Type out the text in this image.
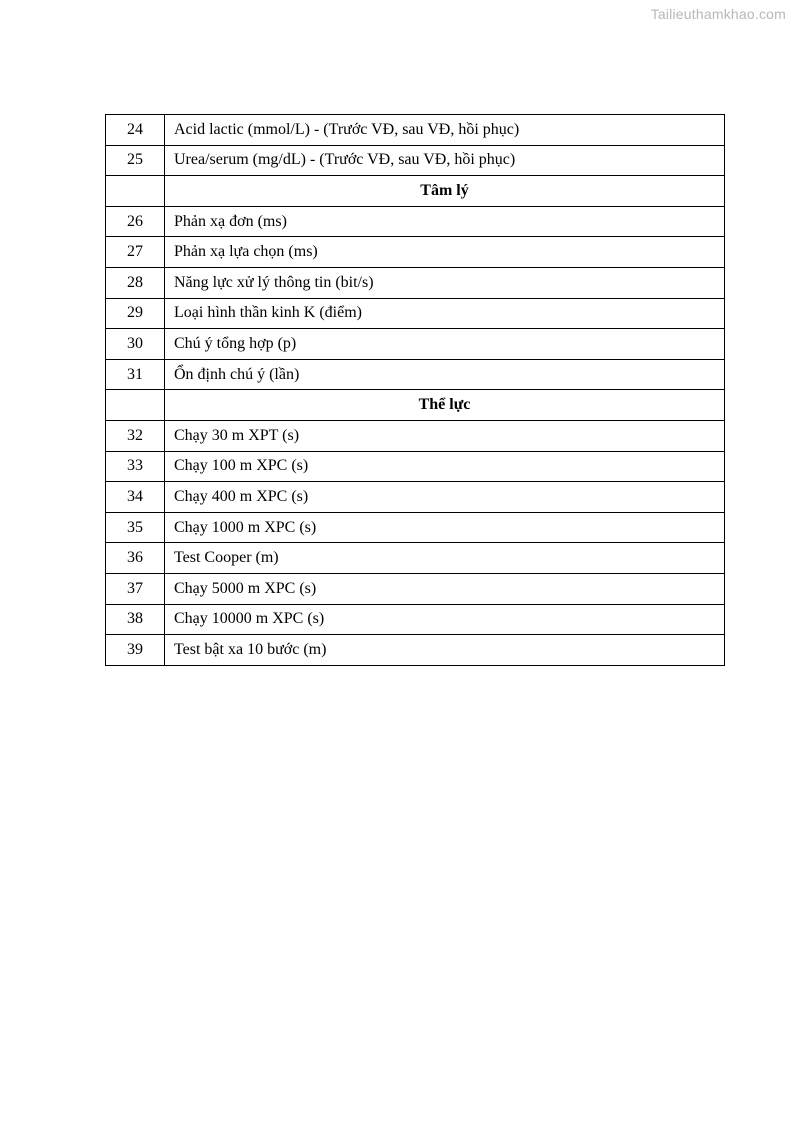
Tailieuthamkhao.com
24	Acid lactic (mmol/L) - (Trước VĐ, sau VĐ, hồi phục)
25	Urea/serum (mg/dL) - (Trước VĐ, sau VĐ, hồi phục)
	Tâm lý
26	Phản xạ đơn (ms)
27	Phản xạ lựa chọn (ms)
28	Năng lực xử lý thông tin (bit/s)
29	Loại hình thần kinh K (điểm)
30	Chú ý tổng hợp (p)
31	Ổn định chú ý (lần)
	Thể lực
32	Chạy 30 m XPT (s)
33	Chạy 100 m XPC (s)
34	Chạy 400 m XPC (s)
35	Chạy 1000 m XPC (s)
36	Test Cooper (m)
37	Chạy 5000 m XPC (s)
38	Chạy 10000 m XPC (s)
39	Test bật xa 10 bước (m)
